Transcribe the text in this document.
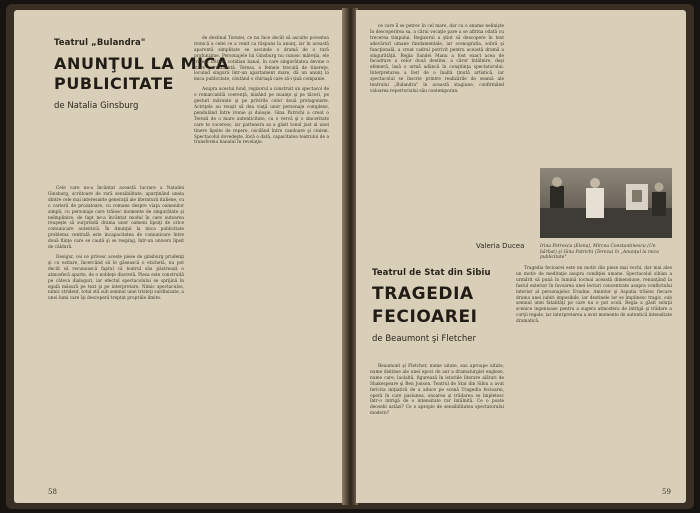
Teatrul „Bulandra"
ANUNŢUL LA MICA
PUBLICITATE
de Natalia Ginsburg

Cele care ne-a încântat această lucrare a Nataliei Ginsburg, scriitoare de rară sensibilitate, aparţinând uneia dintre cele mai interesante generaţii ale literaturii italiene, cu o carieră de prozatoare, cu romane despre viaţa oamenilor simpli, cu personaje care trăiesc momente de singurătate şi neîmplinire, de fapt ne-a încântat modul în care autoarea reuşeşte să surprindă drama unor oameni lipsiţi de orice comunicare autentică. În Anunţul la mica publicitate problema centrală este incapacitatea de comunicare între două fiinţe care se caută şi se resping, într-un univers lipsit de căldură.

Desigur, cei ce privesc aceste piese de ginsburg prudenţi şi cu ezitare, încercând să le găsească o etichetă, nu pot decât să recunoască faptul că teatrul său păstrează o atmosferă aparte, de o nobleţe discretă. Piesa este construită pe câteva dialoguri, iar efectul spectacolului se sprijină în egală măsură pe text şi pe interpretare. Nimic spectaculos, nimic strident, totul stă sub semnul unei tristeţi surdinizate, a unei lumi care îşi descoperă treptat propriile limite.

de destinul Terezei, ce nu face decât să asculte povestea ironică a celei ce a venit ca răspuns la anunţ, iar în această aparentă simplitate se ascunde o dramă de o rară profunzime. Personajele lui Ginsburg nu cunosc măreţia, ele trăiesc într-un cotidian banal, în care singurătatea devine o stare permanentă. Tereza, o femeie trecută de tinereţe, locuind singură într-un apartament mare, dă un anunţ la mica publicitate, căutând o chiriaşă care să-i ţină companie.

Asupra acestui fond, regizorul a construit un spectacol de o remarcabilă coerenţă, mizând pe nuanţe şi pe tăceri, pe gesturi mărunte şi pe privirile celor două protagoniste. Actriţele au reuşit să dea viaţă unor personaje complexe, pendulând între ironie şi duioşie. Gina Patrichi a creat o Tereză de o mare autenticitate, cu o vervă şi o sinceritate care te cuceresc, iar partenera sa a găsit tonul just al unei tinere lipsite de repere, oscilând între candoare şi cinism. Spectacolul dovedeşte, încă o dată, capacitatea teatrului de a transforma banalul în revelaţie.

58

ce care îi se petrec în cel mare, dar cu o anume nelinişte în descoperirea sa, a cărui vocaţie pare a se afirma odată cu trecerea timpului. Regizorul a ştiut să descopere în text adevăruri umane fundamentale, iar scenografia, sobră şi funcţională, a creat cadrul potrivit pentru această dramă a singurătăţii. Regia Sandei Manu a fost exact acea de încadrare a celor două destine, a căror întâlnire, deşi efemeră, lasă o urmă adâncă în conştiinţa spectatorului. Interpretarea a fost de o înaltă ţinută artistică, iar spectacolul se înscrie printre realizările de seamă ale teatrului „Bulandra" în această stagiune, confirmând valoarea repertoriului său contemporan.

Valeria Ducea	Irina Petrescu (Elena), Mircea Constantinescu (Un bărbat) şi Gina Patrichi (Tereza) în „Anunţul la mica publicitate"
Teatrul de Stat din Sibiu
TRAGEDIA
FECIOAREI
de Beaumont şi Fletcher

Beaumont şi Fletcher, nume uitate, sau aproape uitate, nume distinse ale unei epoci de aur a dramaturgiei engleze, nume care, laolaltă, figurează în istoriile literare alături de Shakespeare şi Ben Jonson. Teatrul de Stat din Sibiu a avut fericita iniţiativă de a aduce pe scenă Tragedia fecioarei, operă în care pasiunea, onoarea şi trădarea se împletesc într-o intrigă de o intensitate rar întâlnită. Ce o poate deosebi astăzi? Ce o apropie de sensibilitatea spectatorului modern?

Tragedia fecioarei este un motiv din piese mai vechi, dar mai ales un motiv de meditaţie asupra condiţiei umane. Spectacolul sibian a urmărit să pună în lumină tocmai această dimensiune, renunţând la fastul exterior în favoarea unei lecturi concentrate asupra conflictului interior al personajelor. Evadne, Amintor şi Aspatia trăiesc fiecare drama unei iubiri imposibile, iar destinele lor se împlinesc tragic, sub semnul unei fatalităţi pe care nu o pot ocoli. Regia a găsit soluţii scenice ingenioase pentru a sugera atmosfera de intrigă şi trădare a curţii regale, iar interpretarea a avut momente de autentică intensitate dramatică.

59
